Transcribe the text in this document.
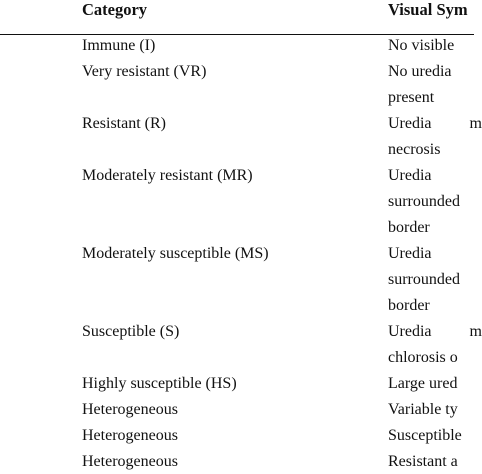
Category	Visual Sym
Immune (I)	No visible
Very resistant (VR)	No uredia
present
Resistant (R)	Uredia m
necrosis
Moderately resistant (MR)	Uredia
surrounded
border
Moderately susceptible (MS)	Uredia
surrounded
border
Susceptible (S)	Uredia m
chlorosis o
Highly susceptible (HS)	Large ured
Heterogeneous	Variable ty
Heterogeneous	Susceptible
Heterogeneous	Resistant a
